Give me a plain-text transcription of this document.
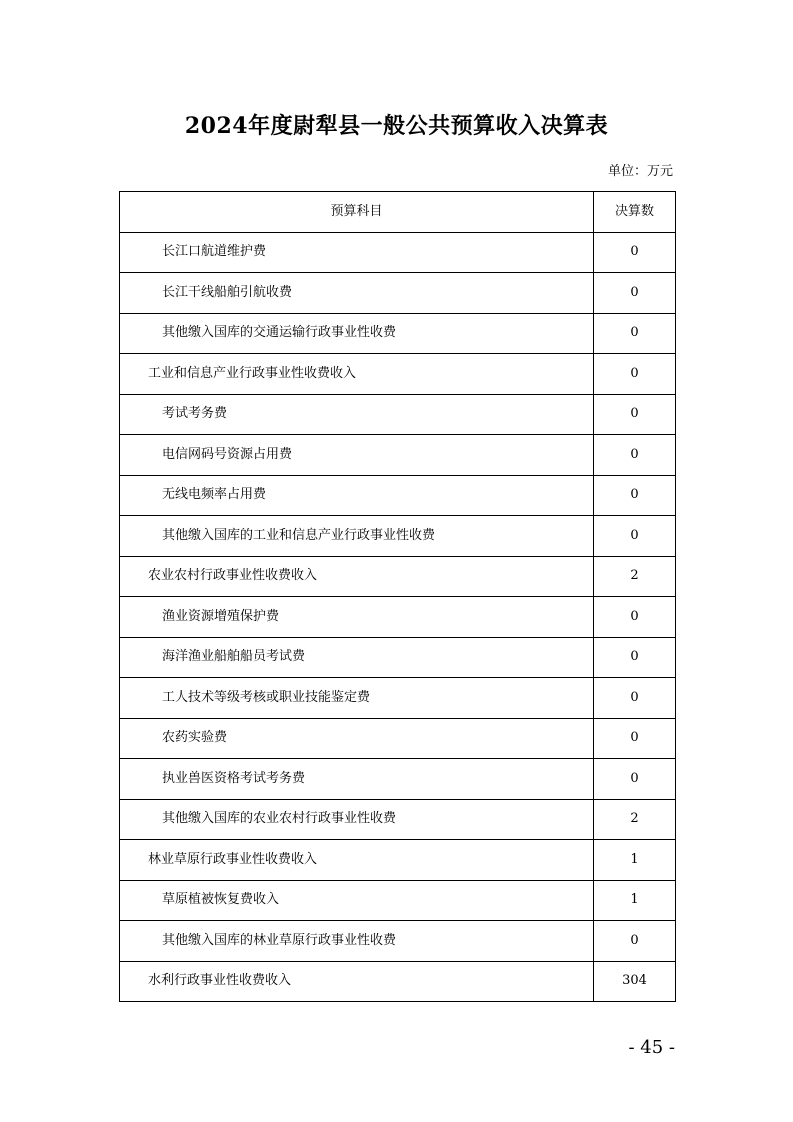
2024年度尉犁县一般公共预算收入决算表
单位：万元
预算科目	决算数
长江口航道维护费	0
长江干线船舶引航收费	0
其他缴入国库的交通运输行政事业性收费	0
工业和信息产业行政事业性收费收入	0
考试考务费	0
电信网码号资源占用费	0
无线电频率占用费	0
其他缴入国库的工业和信息产业行政事业性收费	0
农业农村行政事业性收费收入	2
渔业资源增殖保护费	0
海洋渔业船舶船员考试费	0
工人技术等级考核或职业技能鉴定费	0
农药实验费	0
执业兽医资格考试考务费	0
其他缴入国库的农业农村行政事业性收费	2
林业草原行政事业性收费收入	1
草原植被恢复费收入	1
其他缴入国库的林业草原行政事业性收费	0
水利行政事业性收费收入	304
- 45 -
